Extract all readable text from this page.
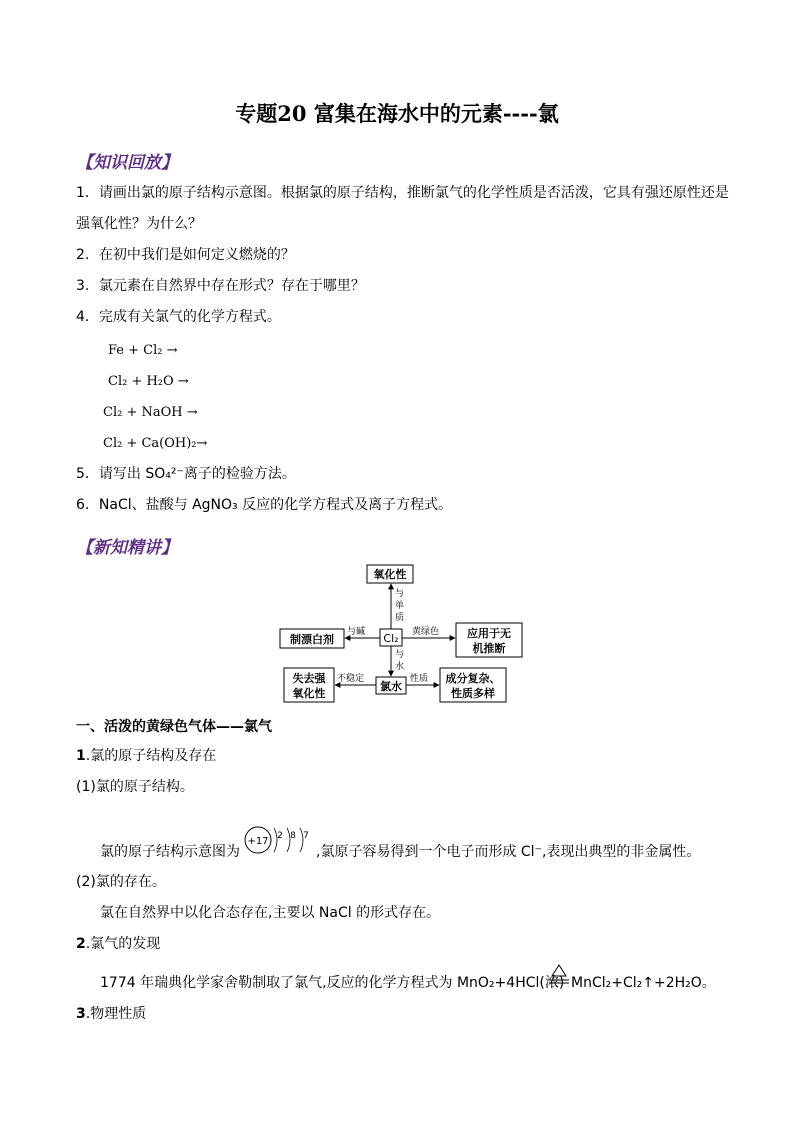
专题20 富集在海水中的元素----氯
【知识回放】
1．请画出氯的原子结构示意图。根据氯的原子结构，推断氯气的化学性质是否活泼，它具有强还原性还是
强氧化性？为什么？
2．在初中我们是如何定义燃烧的？
3．氯元素在自然界中存在形式？存在于哪里？
4．完成有关氯气的化学方程式。
Fe + Cl₂ →
Cl₂ + H₂O →
Cl₂ + NaOH →
Cl₂ + Ca(OH)₂→
5．请写出 SO₄²⁻离子的检验方法。
6．NaCl、盐酸与 AgNO₃ 反应的化学方程式及离子方程式。
【新知精讲】
氧化性
Cl₂
制漂白剂	应用于无
机推断
氯水
失去强
氧化性
成分复杂、
性质多样
与
单
质
与碱	黄绿色
与
水
不稳定	性质
一、活泼的黄绿色气体——氯气
1.氯的原子结构及存在
(1)氯的原子结构。
氯的原子结构示意图为
+17 2 8 7
,氯原子容易得到一个电子而形成 Cl⁻,表现出典型的非金属性。
(2)氯的存在。
氯在自然界中以化合态存在,主要以 NaCl 的形式存在。
2.氯气的发现
1774 年瑞典化学家舍勒制取了氯气,反应的化学方程式为 MnO₂+4HCl(浓) MnCl₂+Cl₂↑+2H₂O。
3.物理性质
